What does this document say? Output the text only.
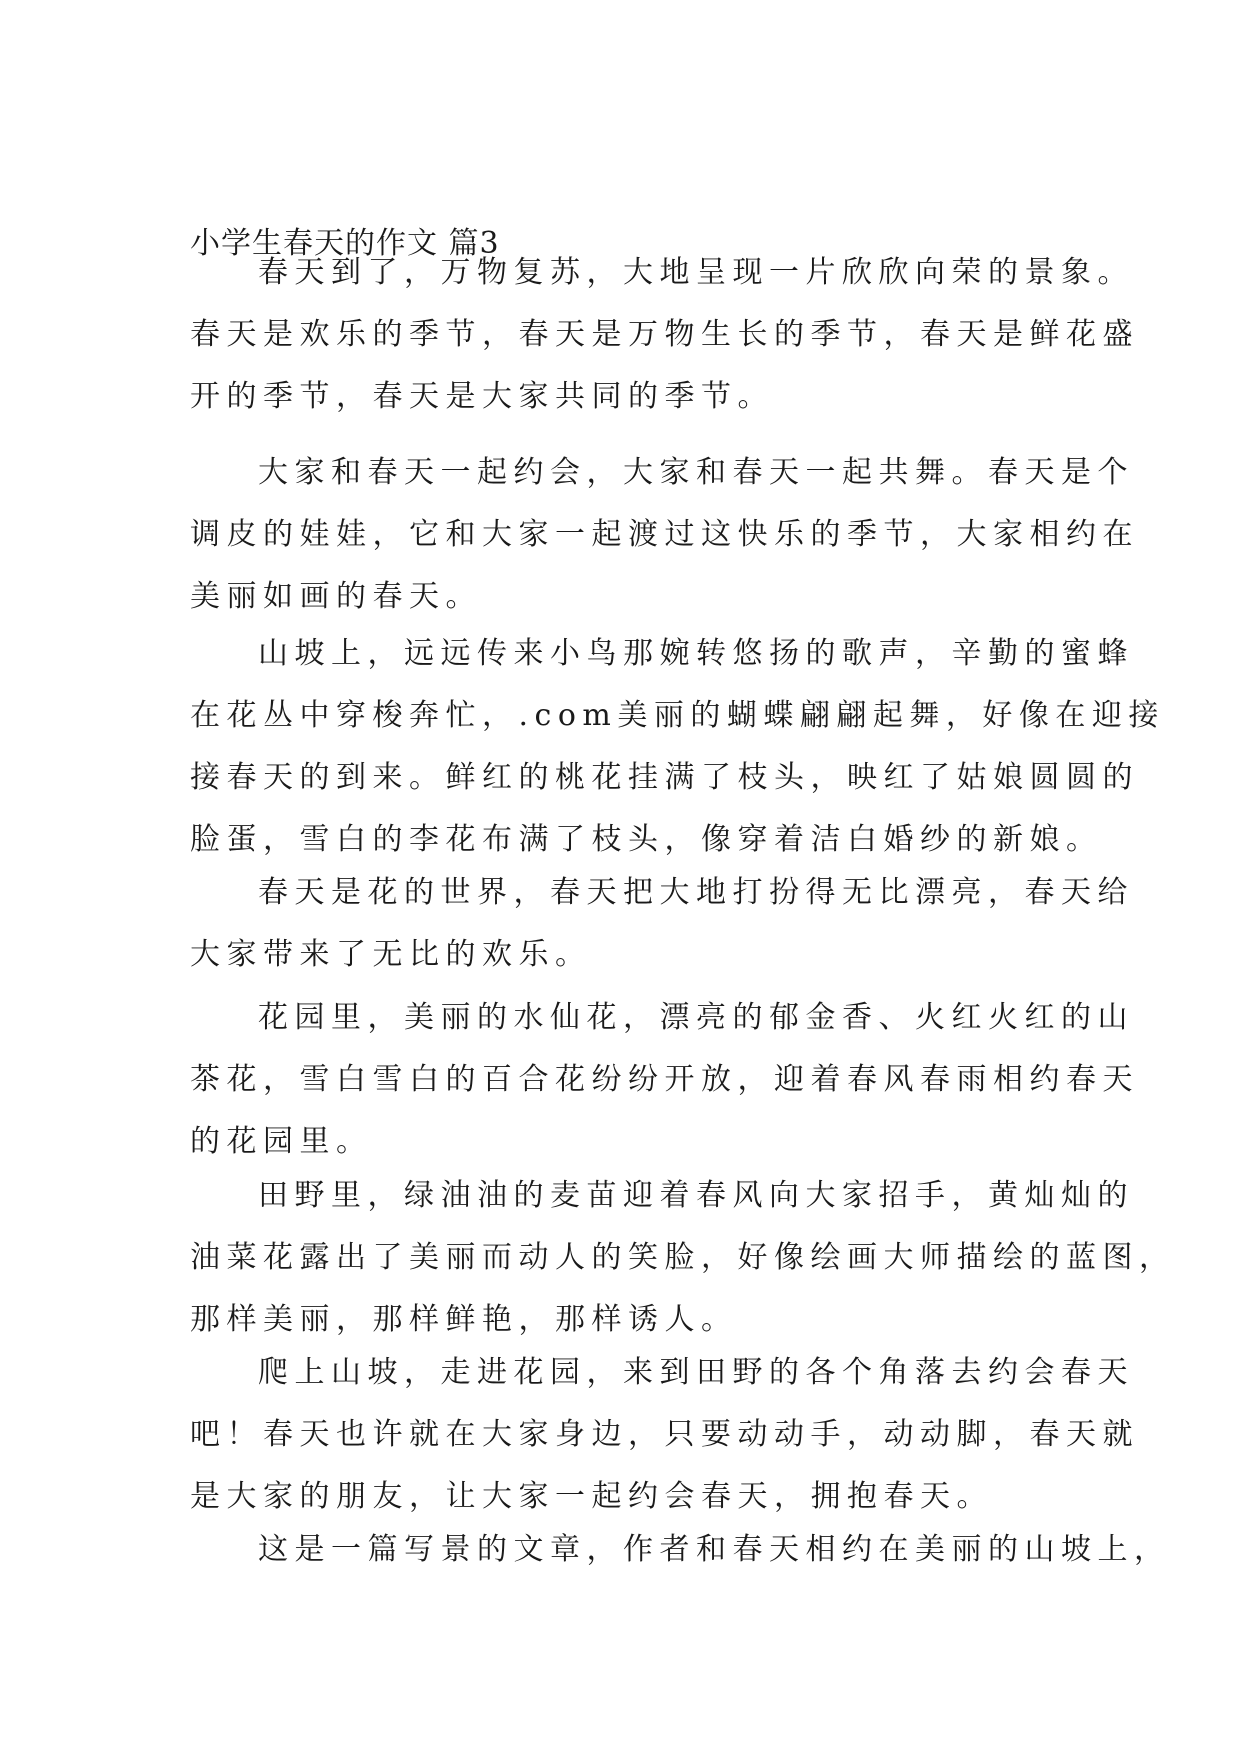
小学生春天的作文 篇3
春天到了，万物复苏，大地呈现一片欣欣向荣的景象。
春天是欢乐的季节，春天是万物生长的季节，春天是鲜花盛
开的季节，春天是大家共同的季节。
大家和春天一起约会，大家和春天一起共舞。春天是个
调皮的娃娃，它和大家一起渡过这快乐的季节，大家相约在
美丽如画的春天。
山坡上，远远传来小鸟那婉转悠扬的歌声，辛勤的蜜蜂
在花丛中穿梭奔忙，.com美丽的蝴蝶翩翩起舞，好像在迎接
接春天的到来。鲜红的桃花挂满了枝头，映红了姑娘圆圆的
脸蛋，雪白的李花布满了枝头，像穿着洁白婚纱的新娘。
春天是花的世界，春天把大地打扮得无比漂亮，春天给
大家带来了无比的欢乐。
花园里，美丽的水仙花，漂亮的郁金香、火红火红的山
茶花，雪白雪白的百合花纷纷开放，迎着春风春雨相约春天
的花园里。
田野里，绿油油的麦苗迎着春风向大家招手，黄灿灿的
油菜花露出了美丽而动人的笑脸，好像绘画大师描绘的蓝图，
那样美丽，那样鲜艳，那样诱人。
爬上山坡，走进花园，来到田野的各个角落去约会春天
吧！春天也许就在大家身边，只要动动手，动动脚，春天就
是大家的朋友，让大家一起约会春天，拥抱春天。
这是一篇写景的文章，作者和春天相约在美丽的山坡上，
